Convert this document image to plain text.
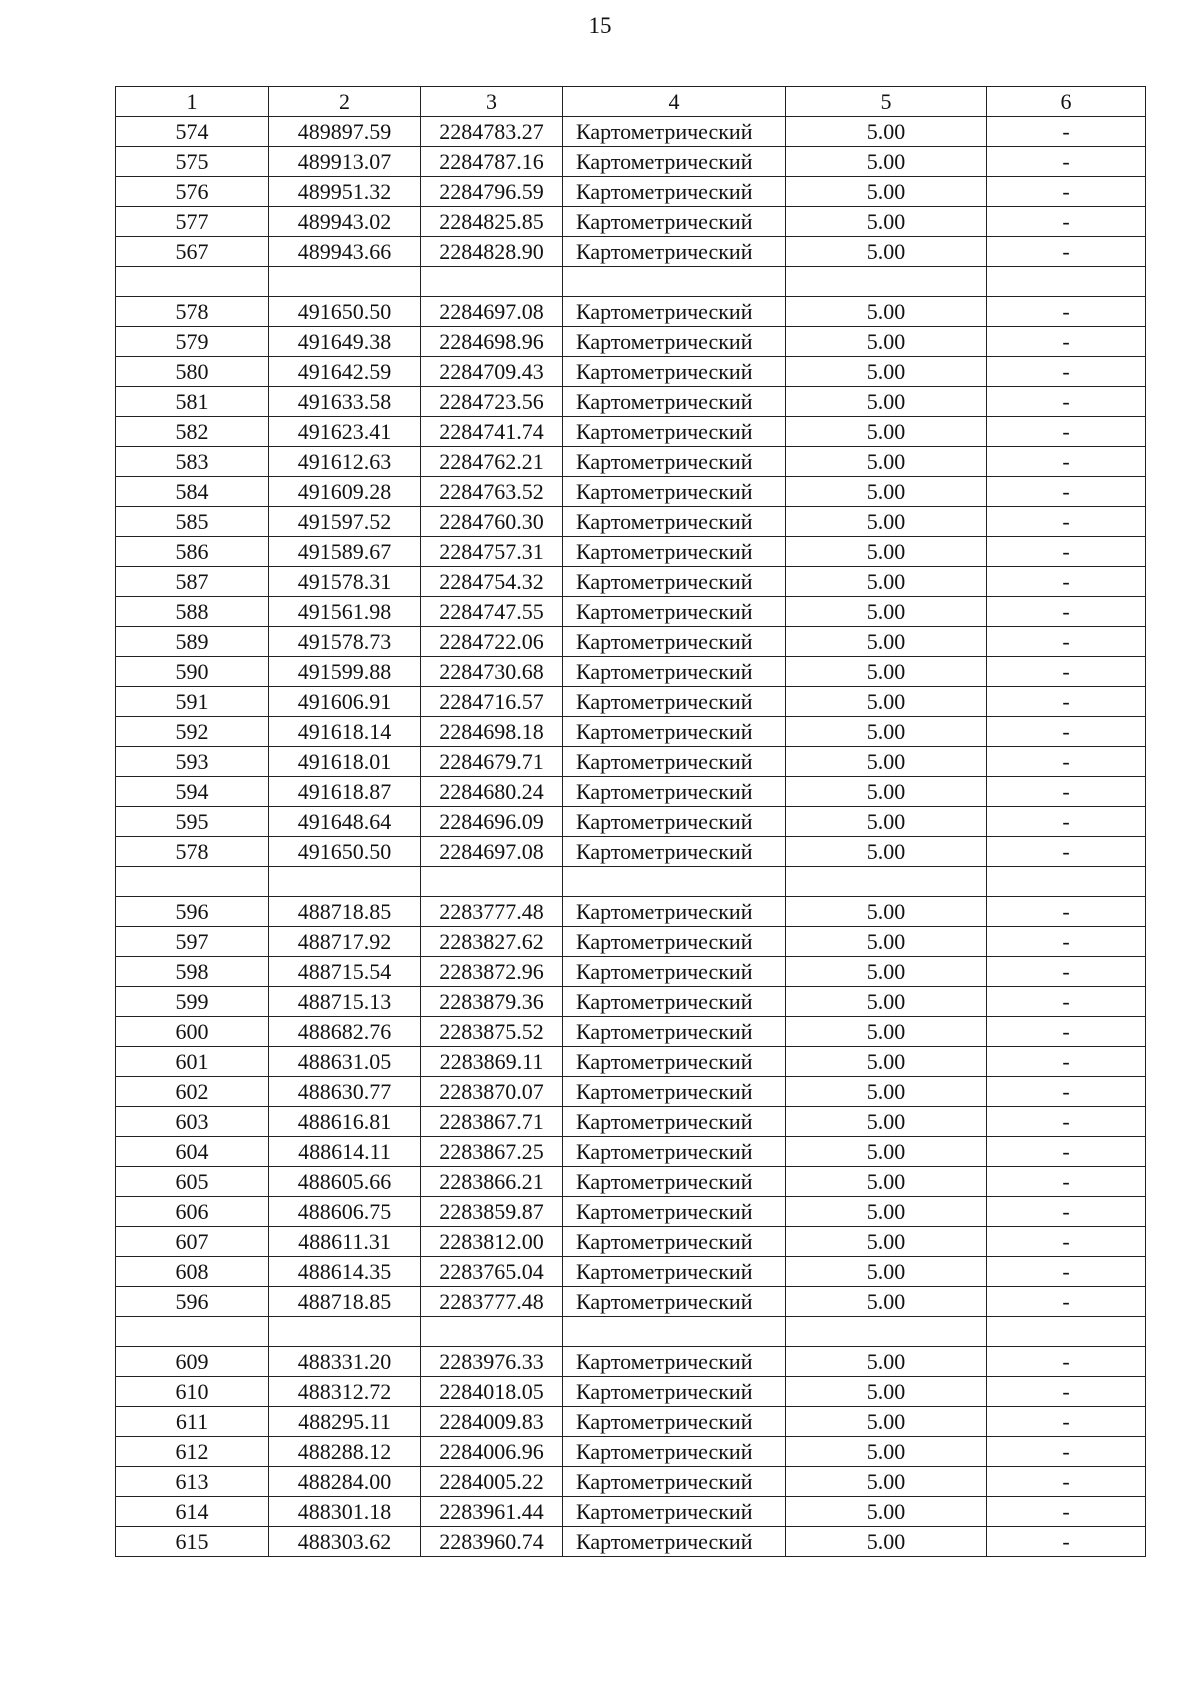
15
1	2	3	4	5	6
574	489897.59	2284783.27	Картометрический	5.00	-
575	489913.07	2284787.16	Картометрический	5.00	-
576	489951.32	2284796.59	Картометрический	5.00	-
577	489943.02	2284825.85	Картометрический	5.00	-
567	489943.66	2284828.90	Картометрический	5.00	-

578	491650.50	2284697.08	Картометрический	5.00	-
579	491649.38	2284698.96	Картометрический	5.00	-
580	491642.59	2284709.43	Картометрический	5.00	-
581	491633.58	2284723.56	Картометрический	5.00	-
582	491623.41	2284741.74	Картометрический	5.00	-
583	491612.63	2284762.21	Картометрический	5.00	-
584	491609.28	2284763.52	Картометрический	5.00	-
585	491597.52	2284760.30	Картометрический	5.00	-
586	491589.67	2284757.31	Картометрический	5.00	-
587	491578.31	2284754.32	Картометрический	5.00	-
588	491561.98	2284747.55	Картометрический	5.00	-
589	491578.73	2284722.06	Картометрический	5.00	-
590	491599.88	2284730.68	Картометрический	5.00	-
591	491606.91	2284716.57	Картометрический	5.00	-
592	491618.14	2284698.18	Картометрический	5.00	-
593	491618.01	2284679.71	Картометрический	5.00	-
594	491618.87	2284680.24	Картометрический	5.00	-
595	491648.64	2284696.09	Картометрический	5.00	-
578	491650.50	2284697.08	Картометрический	5.00	-

596	488718.85	2283777.48	Картометрический	5.00	-
597	488717.92	2283827.62	Картометрический	5.00	-
598	488715.54	2283872.96	Картометрический	5.00	-
599	488715.13	2283879.36	Картометрический	5.00	-
600	488682.76	2283875.52	Картометрический	5.00	-
601	488631.05	2283869.11	Картометрический	5.00	-
602	488630.77	2283870.07	Картометрический	5.00	-
603	488616.81	2283867.71	Картометрический	5.00	-
604	488614.11	2283867.25	Картометрический	5.00	-
605	488605.66	2283866.21	Картометрический	5.00	-
606	488606.75	2283859.87	Картометрический	5.00	-
607	488611.31	2283812.00	Картометрический	5.00	-
608	488614.35	2283765.04	Картометрический	5.00	-
596	488718.85	2283777.48	Картометрический	5.00	-

609	488331.20	2283976.33	Картометрический	5.00	-
610	488312.72	2284018.05	Картометрический	5.00	-
611	488295.11	2284009.83	Картометрический	5.00	-
612	488288.12	2284006.96	Картометрический	5.00	-
613	488284.00	2284005.22	Картометрический	5.00	-
614	488301.18	2283961.44	Картометрический	5.00	-
615	488303.62	2283960.74	Картометрический	5.00	-
